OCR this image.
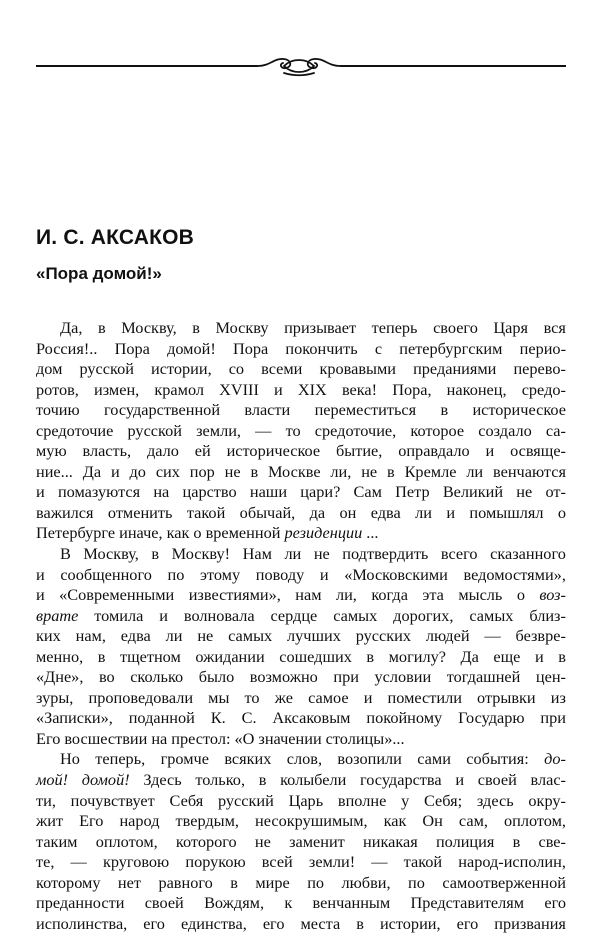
И. С. АКСАКОВ
«Пора домой!»
Да, в Москву, в Москву призывает теперь своего Царя вся
Россия!.. Пора домой! Пора покончить с петербургским перио-
дом русской истории, со всеми кровавыми преданиями перево-
ротов, измен, крамол XVIII и XIX века! Пора, наконец, средо-
точию государственной власти переместиться в историческое
средоточие русской земли, — то средоточие, которое создало са-
мую власть, дало ей историческое бытие, оправдало и освяще-
ние... Да и до сих пор не в Москве ли, не в Кремле ли венчаются
и помазуются на царство наши цари? Сам Петр Великий не от-
важился отменить такой обычай, да он едва ли и помышлял о
Петербурге иначе, как о временной резиденции ...
В Москву, в Москву! Нам ли не подтвердить всего сказанного
и сообщенного по этому поводу и «Московскими ведомостями»,
и «Современными известиями», нам ли, когда эта мысль о воз-
врате томила и волновала сердце самых дорогих, самых близ-
ких нам, едва ли не самых лучших русских людей — безвре-
менно, в тщетном ожидании сошедших в могилу? Да еще и в
«Дне», во сколько было возможно при условии тогдашней цен-
зуры, проповедовали мы то же самое и поместили отрывки из
«Записки», поданной К. С. Аксаковым покойному Государю при
Его восшествии на престол: «О значении столицы»...
Но теперь, громче всяких слов, возопили сами события: до-
мой! домой! Здесь только, в колыбели государства и своей влас-
ти, почувствует Себя русский Царь вполне у Себя; здесь окру-
жит Его народ твердым, несокрушимым, как Он сам, оплотом,
таким оплотом, которого не заменит никакая полиция в све-
те, — круговою порукою всей земли! — такой народ-исполин,
которому нет равного в мире по любви, по самоотверженной
преданности своей Вождям, к венчанным Представителям его
исполинства, его единства, его места в истории, его призвания
